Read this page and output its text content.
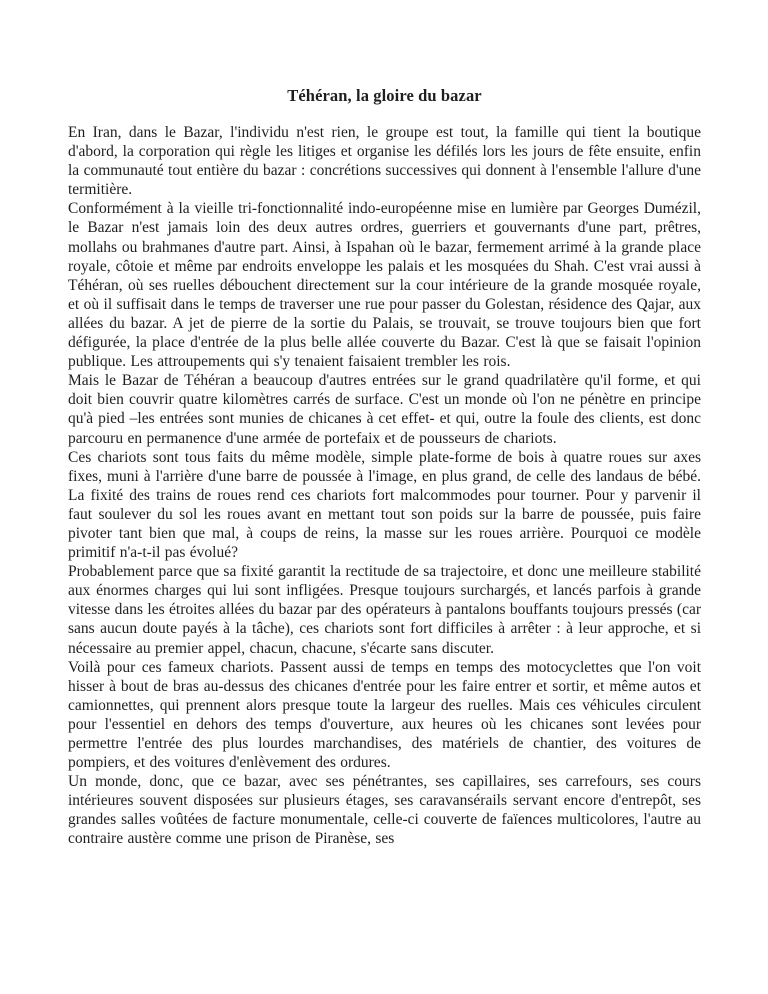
Téhéran, la gloire du bazar

En Iran, dans le Bazar, l'individu n'est rien, le groupe est tout, la famille qui tient la boutique d'abord, la corporation qui règle les litiges et organise les défilés lors les jours de fête ensuite, enfin la communauté tout entière du bazar : concrétions successives qui donnent à l'ensemble l'allure d'une termitière.

Conformément à la vieille tri-fonctionnalité indo-européenne mise en lumière par Georges Dumézil, le Bazar n'est jamais loin des deux autres ordres, guerriers et gouvernants d'une part, prêtres, mollahs ou brahmanes d'autre part. Ainsi, à Ispahan où le bazar, fermement arrimé à la grande place royale, côtoie et même par endroits enveloppe les palais et les mosquées du Shah. C'est vrai aussi à Téhéran, où ses ruelles débouchent directement sur la cour intérieure de la grande mosquée royale, et où il suffisait dans le temps de traverser une rue pour passer du Golestan, résidence des Qajar, aux allées du bazar. A jet de pierre de la sortie du Palais, se trouvait, se trouve toujours bien que fort défigurée, la place d'entrée de la plus belle allée couverte du Bazar. C'est là que se faisait l'opinion publique. Les attroupements qui s'y tenaient faisaient trembler les rois.

Mais le Bazar de Téhéran a beaucoup d'autres entrées sur le grand quadrilatère qu'il forme, et qui doit bien couvrir quatre kilomètres carrés de surface. C'est un monde où l'on ne pénètre en principe qu'à pied –les entrées sont munies de chicanes à cet effet- et qui, outre la foule des clients, est donc parcouru en permanence d'une armée de portefaix et de pousseurs de chariots.

Ces chariots sont tous faits du même modèle, simple plate-forme de bois à quatre roues sur axes fixes, muni à l'arrière d'une barre de poussée à l'image, en plus grand, de celle des landaus de bébé. La fixité des trains de roues rend ces chariots fort malcommodes pour tourner. Pour y parvenir il faut soulever du sol les roues avant en mettant tout son poids sur la barre de poussée, puis faire pivoter tant bien que mal, à coups de reins, la masse sur les roues arrière. Pourquoi ce modèle primitif n'a-t-il pas évolué?

Probablement parce que sa fixité garantit la rectitude de sa trajectoire, et donc une meilleure stabilité aux énormes charges qui lui sont infligées. Presque toujours surchargés, et lancés parfois à grande vitesse dans les étroites allées du bazar par des opérateurs à pantalons bouffants toujours pressés (car sans aucun doute payés à la tâche), ces chariots sont fort difficiles à arrêter : à leur approche, et si nécessaire au premier appel, chacun, chacune, s'écarte sans discuter.

Voilà pour ces fameux chariots. Passent aussi de temps en temps des motocyclettes que l'on voit hisser à bout de bras au-dessus des chicanes d'entrée pour les faire entrer et sortir, et même autos et camionnettes, qui prennent alors presque toute la largeur des ruelles. Mais ces véhicules circulent pour l'essentiel en dehors des temps d'ouverture, aux heures où les chicanes sont levées pour permettre l'entrée des plus lourdes marchandises, des matériels de chantier, des voitures de pompiers, et des voitures d'enlèvement des ordures.

Un monde, donc, que ce bazar, avec ses pénétrantes, ses capillaires, ses carrefours, ses cours intérieures souvent disposées sur plusieurs étages, ses caravansérails servant encore d'entrepôt, ses grandes salles voûtées de facture monumentale, celle-ci couverte de faïences multicolores, l'autre au contraire austère comme une prison de Piranèse, ses
